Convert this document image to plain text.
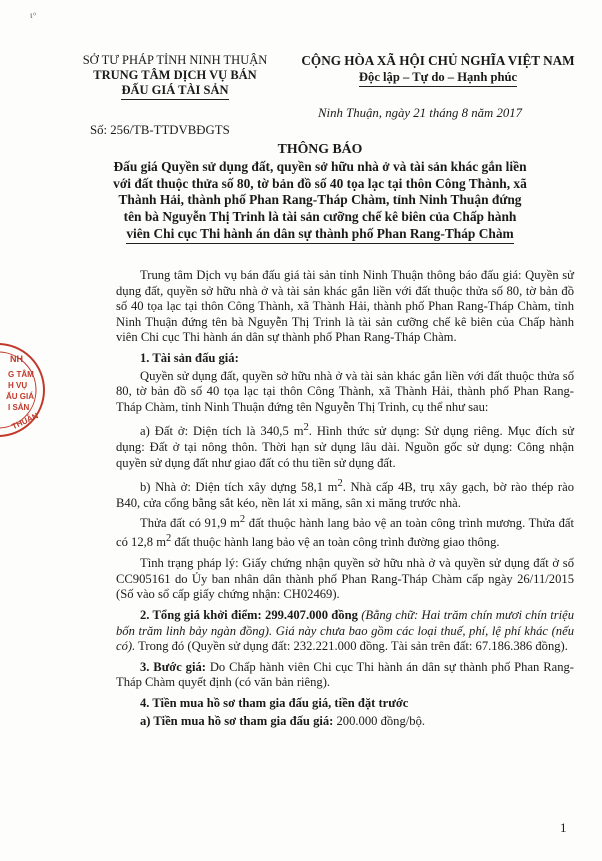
ι ͦ
SỞ TƯ PHÁP TỈNH NINH THUẬN
TRUNG TÂM DỊCH VỤ BÁN
ĐẤU GIÁ TÀI SẢN
CỘNG HÒA XÃ HỘI CHỦ NGHĨA VIỆT NAM
Độc lập – Tự do – Hạnh phúc
Ninh Thuận, ngày 21 tháng 8 năm 2017
Số: 256/TB-TTDVBĐGTS
THÔNG BÁO
Đấu giá Quyền sử dụng đất, quyền sở hữu nhà ở và tài sản khác gắn liền
với đất thuộc thửa số 80, tờ bản đồ số 40 tọa lạc tại thôn Công Thành, xã
Thành Hải, thành phố Phan Rang-Tháp Chàm, tỉnh Ninh Thuận đứng
tên bà Nguyễn Thị Trinh là tài sản cưỡng chế kê biên của Chấp hành
viên Chi cục Thi hành án dân sự thành phố Phan Rang-Tháp Chàm
NH
G TÂM
H VỤ
ẤU GIÁ
I SẢN
THUẬN

Trung tâm Dịch vụ bán đấu giá tài sản tỉnh Ninh Thuận thông báo đấu giá: Quyền sử dụng đất, quyền sở hữu nhà ở và tài sản khác gắn liền với đất thuộc thửa số 80, tờ bản đồ số 40 tọa lạc tại thôn Công Thành, xã Thành Hải, thành phố Phan Rang-Tháp Chàm, tỉnh Ninh Thuận đứng tên bà Nguyễn Thị Trinh là tài sản cưỡng chế kê biên của Chấp hành viên Chi cục Thi hành án dân sự thành phố Phan Rang-Tháp Chàm.

1. Tài sản đấu giá:

Quyền sử dụng đất, quyền sở hữu nhà ở và tài sản khác gắn liền với đất thuộc thửa số 80, tờ bản đồ số 40 tọa lạc tại thôn Công Thành, xã Thành Hải, thành phố Phan Rang-Tháp Chàm, tỉnh Ninh Thuận đứng tên Nguyễn Thị Trinh, cụ thể như sau:

a) Đất ở: Diện tích là 340,5 $m^2$. Hình thức sử dụng: Sử dụng riêng. Mục đích sử dụng: Đất ở tại nông thôn. Thời hạn sử dụng lâu dài. Nguồn gốc sử dụng: Công nhận quyền sử dụng đất như giao đất có thu tiền sử dụng đất.

b) Nhà ở: Diện tích xây dựng 58,1 $m^2$. Nhà cấp 4B, trụ xây gạch, bờ rào thép rào B40, cửa cổng bằng sắt kéo, nền lát xi măng, sân xi măng trước nhà.

Thửa đất có 91,9 $m^2$ đất thuộc hành lang bảo vệ an toàn công trình mương. Thửa đất có 12,8 $m^2$ đất thuộc hành lang bảo vệ an toàn công trình đường giao thông.

Tình trạng pháp lý: Giấy chứng nhận quyền sở hữu nhà ở và quyền sử dụng đất ở số CC905161 do Ủy ban nhân dân thành phố Phan Rang-Tháp Chàm cấp ngày 26/11/2015 (Số vào sổ cấp giấy chứng nhận: CH02469).

2. Tổng giá khởi điểm: 299.407.000 đồng (Bằng chữ: Hai trăm chín mươi chín triệu bốn trăm linh bảy ngàn đồng). Giá này chưa bao gồm các loại thuế, phí, lệ phí khác (nếu có). Trong đó (Quyền sử dụng đất: 232.221.000 đồng. Tài sản trên đất: 67.186.386 đồng).

3. Bước giá: Do Chấp hành viên Chi cục Thi hành án dân sự thành phố Phan Rang-Tháp Chàm quyết định (có văn bản riêng).

4. Tiền mua hồ sơ tham gia đấu giá, tiền đặt trước

a) Tiền mua hồ sơ tham gia đấu giá: 200.000 đồng/bộ.

1
